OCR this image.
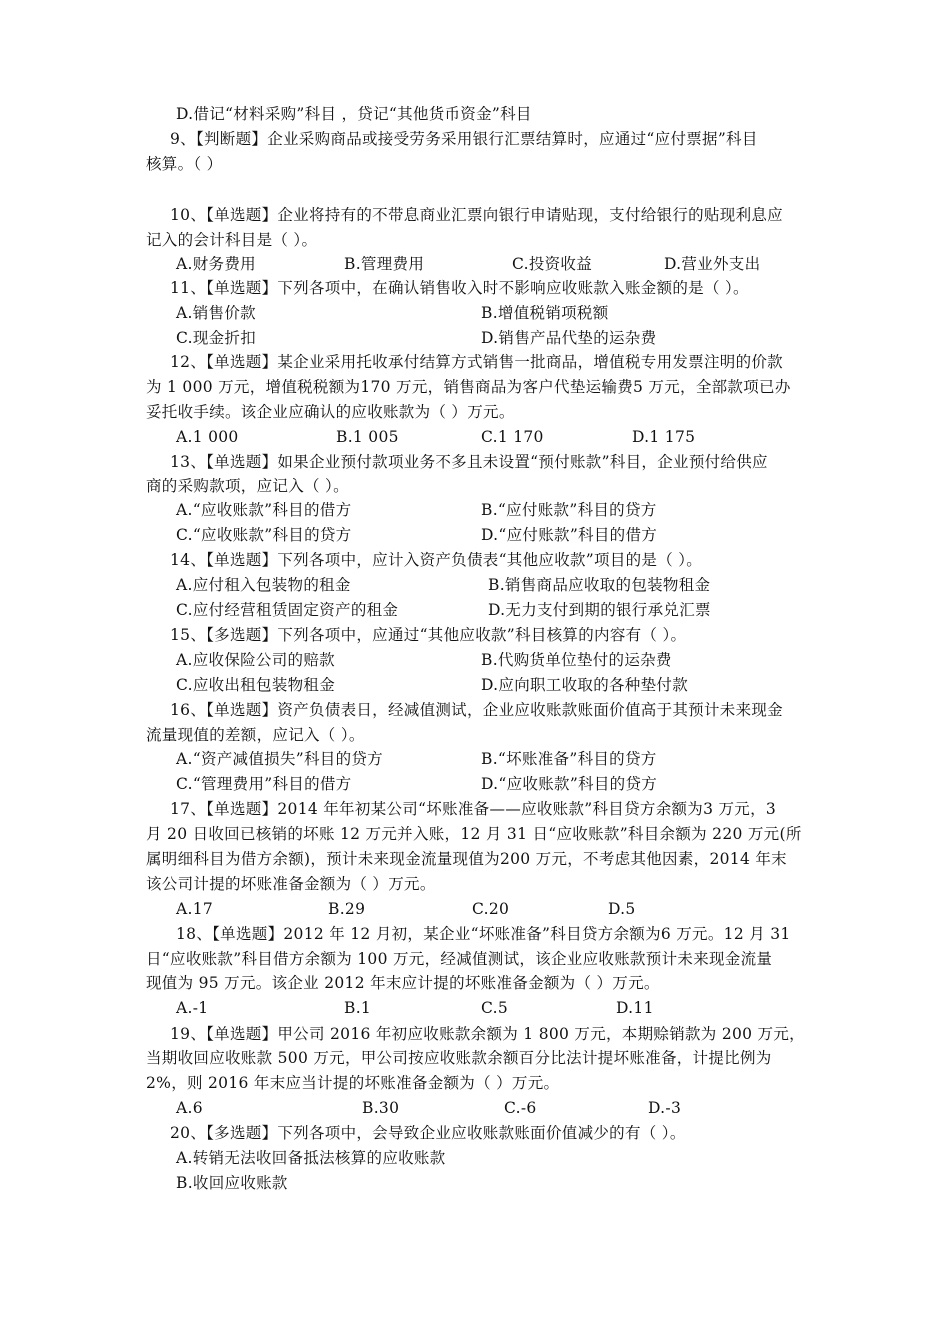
D.借记“材料采购”科目 ，贷记“其他货币资金”科目
9、【判断题】企业采购商品或接受劳务采用银行汇票结算时，应通过“应付票据”科目
核算。（ ）
10、【单选题】企业将持有的不带息商业汇票向银行申请贴现，支付给银行的贴现利息应
记入的会计科目是（ ）。
A.财务费用	B.管理费用	C.投资收益	D.营业外支出
11、【单选题】下列各项中，在确认销售收入时不影响应收账款入账金额的是（ ）。
A.销售价款	B.增值税销项税额
C.现金折扣	D.销售产品代垫的运杂费
12、【单选题】某企业采用托收承付结算方式销售一批商品，增值税专用发票注明的价款
为 1 000 万元，增值税税额为170 万元，销售商品为客户代垫运输费5 万元，全部款项已办
妥托收手续。该企业应确认的应收账款为（ ）万元。
A.1 000	B.1 005	C.1 170	D.1 175
13、【单选题】如果企业预付款项业务不多且未设置“预付账款”科目，企业预付给供应
商的采购款项，应记入（ ）。
A.“应收账款”科目的借方	B.“应付账款”科目的贷方
C.“应收账款”科目的贷方	D.“应付账款”科目的借方
14、【单选题】下列各项中，应计入资产负债表“其他应收款”项目的是（ ）。
A.应付租入包装物的租金	B.销售商品应收取的包装物租金
C.应付经营租赁固定资产的租金	D.无力支付到期的银行承兑汇票
15、【多选题】下列各项中，应通过“其他应收款”科目核算的内容有（ ）。
A.应收保险公司的赔款	B.代购货单位垫付的运杂费
C.应收出租包装物租金	D.应向职工收取的各种垫付款
16、【单选题】资产负债表日，经减值测试，企业应收账款账面价值高于其预计未来现金
流量现值的差额，应记入（ ）。
A.“资产减值损失”科目的贷方	B.“坏账准备”科目的贷方
C.“管理费用”科目的借方	D.“应收账款”科目的贷方
17、【单选题】2014 年年初某公司“坏账准备——应收账款”科目贷方余额为3 万元，3
月 20 日收回已核销的坏账 12 万元并入账，12 月 31 日“应收账款”科目余额为 220 万元(所
属明细科目为借方余额)，预计未来现金流量现值为200 万元，不考虑其他因素，2014 年末
该公司计提的坏账准备金额为（ ）万元。
A.17	B.29	C.20	D.5
18、【单选题】2012 年 12 月初，某企业“坏账准备”科目贷方余额为6 万元。12 月 31
日“应收账款”科目借方余额为 100 万元，经减值测试，该企业应收账款预计未来现金流量
现值为 95 万元。该企业 2012 年末应计提的坏账准备金额为（ ）万元。
A.-1	B.1	C.5	D.11
19、【单选题】甲公司 2016 年初应收账款余额为 1 800 万元，本期赊销款为 200 万元，
当期收回应收账款 500 万元，甲公司按应收账款余额百分比法计提坏账准备，计提比例为
2%，则 2016 年末应当计提的坏账准备金额为（ ）万元。
A.6	B.30	C.-6	D.-3
20、【多选题】下列各项中，会导致企业应收账款账面价值减少的有（ ）。
A.转销无法收回备抵法核算的应收账款
B.收回应收账款
